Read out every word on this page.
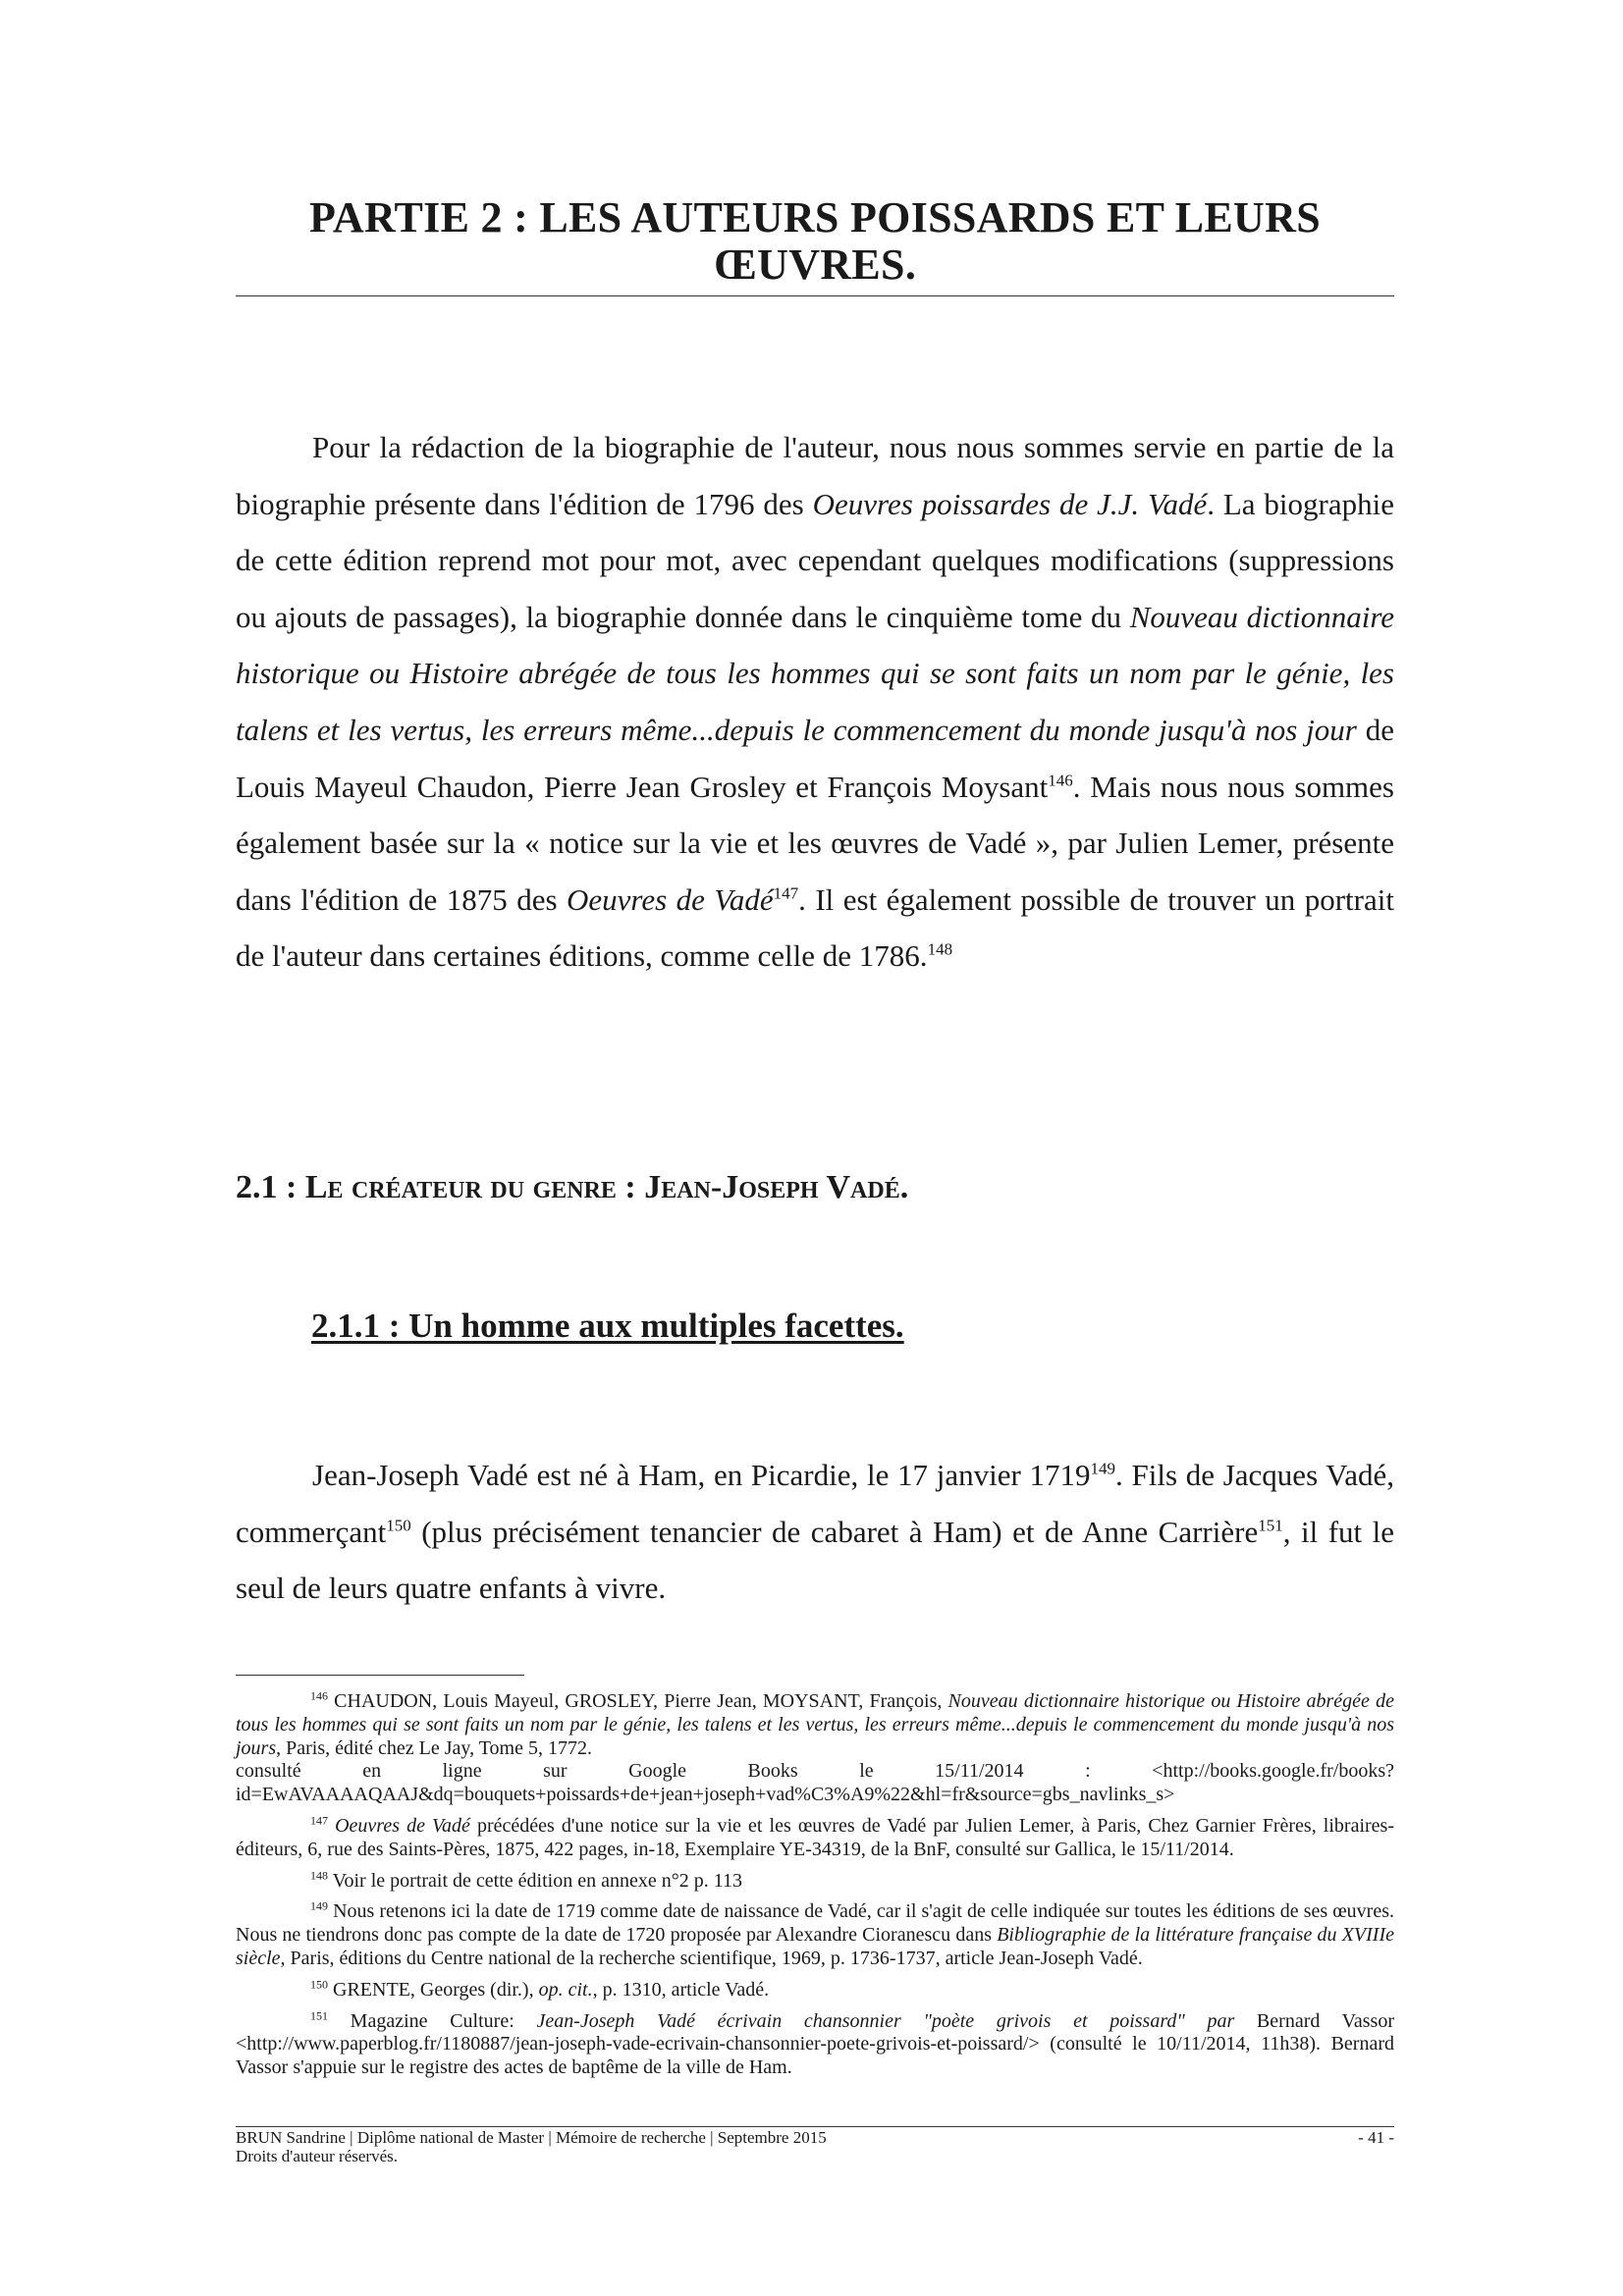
PARTIE 2 : LES AUTEURS POISSARDS ET LEURS ŒUVRES.

Pour la rédaction de la biographie de l'auteur, nous nous sommes servie en partie de la biographie présente dans l'édition de 1796 des Oeuvres poissardes de J.J. Vadé. La biographie de cette édition reprend mot pour mot, avec cependant quelques modifications (suppressions ou ajouts de passages), la biographie donnée dans le cinquième tome du Nouveau dictionnaire historique ou Histoire abrégée de tous les hommes qui se sont faits un nom par le génie, les talens et les vertus, les erreurs même...depuis le commencement du monde jusqu'à nos jour de Louis Mayeul Chaudon, Pierre Jean Grosley et François Moysant$^{146}$. Mais nous nous sommes également basée sur la « notice sur la vie et les œuvres de Vadé », par Julien Lemer, présente dans l'édition de 1875 des Oeuvres de Vadé$^{147}$. Il est également possible de trouver un portrait de l'auteur dans certaines éditions, comme celle de 1786.$^{148}$

2.1 : Le créateur du genre : Jean-Joseph Vadé.
2.1.1 : Un homme aux multiples facettes.

Jean-Joseph Vadé est né à Ham, en Picardie, le 17 janvier 1719$^{149}$. Fils de Jacques Vadé, commerçant$^{150}$ (plus précisément tenancier de cabaret à Ham) et de Anne Carrière$^{151}$, il fut le seul de leurs quatre enfants à vivre.

$^{146}$ CHAUDON, Louis Mayeul, GROSLEY, Pierre Jean, MOYSANT, François, Nouveau dictionnaire historique ou Histoire abrégée de tous les hommes qui se sont faits un nom par le génie, les talens et les vertus, les erreurs même...depuis le commencement du monde jusqu'à nos jours, Paris, édité chez Le Jay, Tome 5, 1772.
consulté en ligne sur Google Books le 15/11/2014 : <http://books.google.fr/books?id=EwAVAAAAQAAJ&dq=bouquets+poissards+de+jean+joseph+vad%C3%A9%22&hl=fr&source=gbs_navlinks_s>
$^{147}$ Oeuvres de Vadé précédées d'une notice sur la vie et les œuvres de Vadé par Julien Lemer, à Paris, Chez Garnier Frères, libraires-éditeurs, 6, rue des Saints-Pères, 1875, 422 pages, in-18, Exemplaire YE-34319, de la BnF, consulté sur Gallica, le 15/11/2014.
$^{148}$ Voir le portrait de cette édition en annexe n°2 p. 113
$^{149}$ Nous retenons ici la date de 1719 comme date de naissance de Vadé, car il s'agit de celle indiquée sur toutes les éditions de ses œuvres. Nous ne tiendrons donc pas compte de la date de 1720 proposée par Alexandre Cioranescu dans Bibliographie de la littérature française du XVIIIe siècle, Paris, éditions du Centre national de la recherche scientifique, 1969, p. 1736-1737, article Jean-Joseph Vadé.
$^{150}$ GRENTE, Georges (dir.), op. cit., p. 1310, article Vadé.
$^{151}$ Magazine Culture: Jean-Joseph Vadé écrivain chansonnier "poète grivois et poissard" par Bernard Vassor <http://www.paperblog.fr/1180887/jean-joseph-vade-ecrivain-chansonnier-poete-grivois-et-poissard/> (consulté le 10/11/2014, 11h38). Bernard Vassor s'appuie sur le registre des actes de baptême de la ville de Ham.
BRUN Sandrine | Diplôme national de Master | Mémoire de recherche | Septembre 2015
Droits d'auteur réservés.
- 41 -
